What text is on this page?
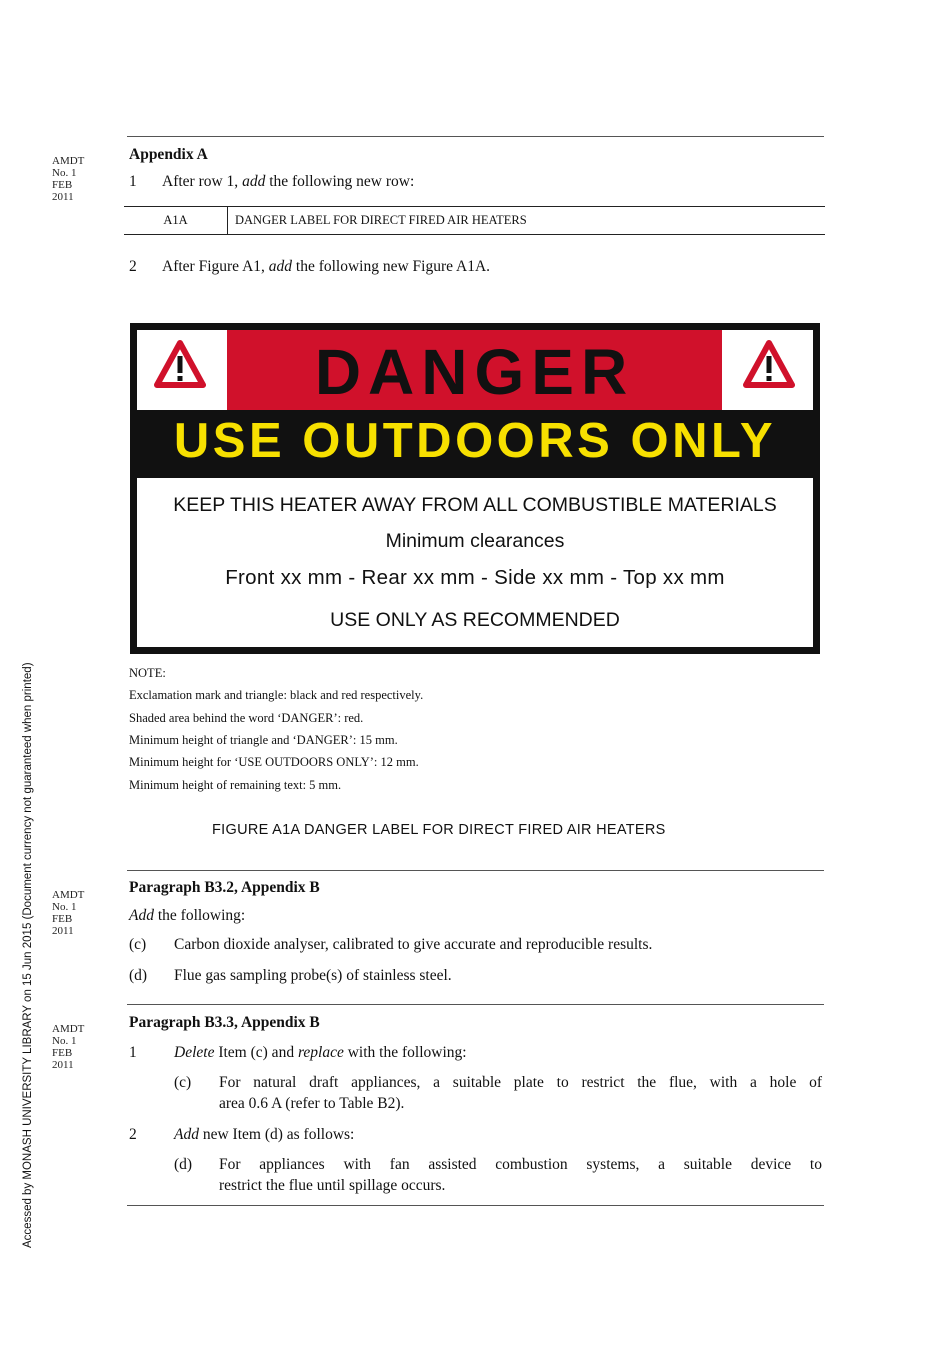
Accessed by MONASH UNIVERSITY LIBRARY on 15 Jun 2015 (Document currency not guaranteed when printed)
AMDT
No. 1
FEB
2011
Appendix A
1 After row 1, add the following new row:
A1A	DANGER LABEL FOR DIRECT FIRED AIR HEATERS
2 After Figure A1, add the following new Figure A1A.
DANGER
USE OUTDOORS ONLY
KEEP THIS HEATER AWAY FROM ALL COMBUSTIBLE MATERIALS
Minimum clearances
Front xx mm - Rear xx mm - Side xx mm - Top xx mm
USE ONLY AS RECOMMENDED
NOTE:
Exclamation mark and triangle: black and red respectively.
Shaded area behind the word ‘DANGER’: red.
Minimum height of triangle and ‘DANGER’: 15 mm.
Minimum height for ‘USE OUTDOORS ONLY’: 12 mm.
Minimum height of remaining text: 5 mm.
FIGURE A1A DANGER LABEL FOR DIRECT FIRED AIR HEATERS
AMDT
No. 1
FEB
2011
Paragraph B3.2, Appendix B
Add the following:
(c) Carbon dioxide analyser, calibrated to give accurate and reproducible results.
(d) Flue gas sampling probe(s) of stainless steel.
AMDT
No. 1
FEB
2011
Paragraph B3.3, Appendix B
1 Delete Item (c) and replace with the following:
(c) For natural draft appliances, a suitable plate to restrict the flue, with a hole of
area 0.6 A (refer to Table B2).
2 Add new Item (d) as follows:
(d) For appliances with fan assisted combustion systems, a suitable device to
restrict the flue until spillage occurs.
